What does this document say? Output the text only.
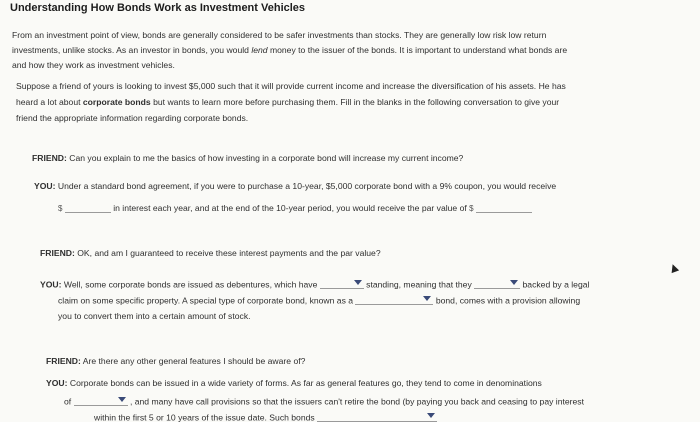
Understanding How Bonds Work as Investment Vehicles
From an investment point of view, bonds are generally considered to be safer investments than stocks. They are generally low risk low return
investments, unlike stocks. As an investor in bonds, you would lend money to the issuer of the bonds. It is important to understand what bonds are
and how they work as investment vehicles.
Suppose a friend of yours is looking to invest $5,000 such that it will provide current income and increase the diversification of his assets. He has
heard a lot about corporate bonds but wants to learn more before purchasing them. Fill in the blanks in the following conversation to give your
friend the appropriate information regarding corporate bonds.
FRIEND: Can you explain to me the basics of how investing in a corporate bond will increase my current income?
YOU: Under a standard bond agreement, if you were to purchase a 10-year, $5,000 corporate bond with a 9% coupon, you would receive
$	in interest each year, and at the end of the 10-year period, you would receive the par value of $
FRIEND: OK, and am I guaranteed to receive these interest payments and the par value?
YOU: Well, some corporate bonds are issued as debentures, which have	standing, meaning that they	backed by a legal
claim on some specific property. A special type of corporate bond, known as a	bond, comes with a provision allowing
you to convert them into a certain amount of stock.
FRIEND: Are there any other general features I should be aware of?
YOU: Corporate bonds can be issued in a wide variety of forms. As far as general features go, they tend to come in denominations
of	, and many have call provisions so that the issuers can't retire the bond (by paying you back and ceasing to pay interest
within the first 5 or 10 years of the issue date. Such bonds
